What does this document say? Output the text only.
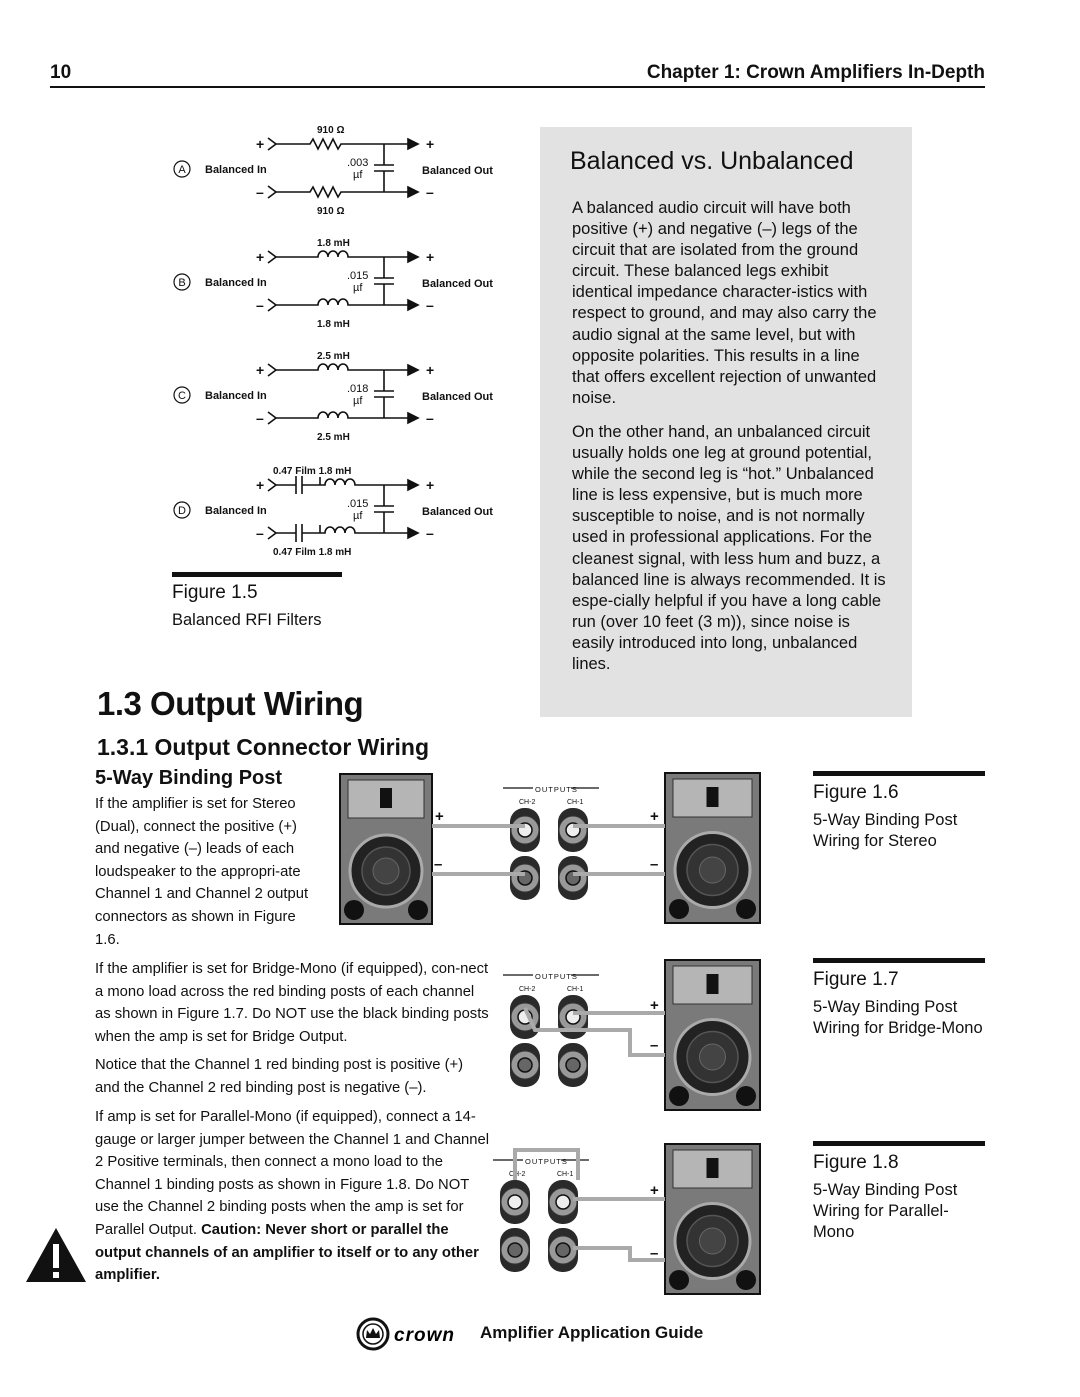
10	Chapter 1: Crown Amplifiers In-Depth
A Balanced In	Balanced Out
+
–
+
–
.003
µf
910 Ω
910 Ω
B Balanced In	Balanced Out
+
–
+
–
.015
µf
1.8 mH
1.8 mH
C Balanced In	Balanced Out
+
–
+
–
.018
µf
2.5 mH
2.5 mH
D Balanced In	Balanced Out
+
–
+
–
.015
µf
0.47 Film 1.8 mH
0.47 Film 1.8 mH
Figure 1.5
Balanced RFI Filters
Balanced vs. Unbalanced

A balanced audio circuit will have both positive (+) and negative (–) legs of the circuit that are isolated from the ground circuit. These balanced legs exhibit identical impedance character-istics with respect to ground, and may also carry the audio signal at the same level, but with opposite polarities. This results in a line that offers excellent rejection of unwanted noise.

On the other hand, an unbalanced circuit usually holds one leg at ground potential, while the second leg is “hot.” Unbalanced line is less expensive, but is much more susceptible to noise, and is not normally used in professional applications. For the cleanest signal, with less hum and buzz, a balanced line is always recommended. It is espe-cially helpful if you have a long cable run (over 10 feet (3 m)), since noise is easily introduced into long, unbalanced lines.

1.3 Output Wiring
1.3.1 Output Connector Wiring
5-Way Binding Post
If the amplifier is set for Stereo (Dual), connect the positive (+) and negative (–) leads of each loudspeaker to the appropri-ate Channel 1 and Channel 2 output connectors as shown in Figure 1.6.
If the amplifier is set for Bridge-Mono (if equipped), con-nect a mono load across the red binding posts of each channel as shown in Figure 1.7. Do NOT use the black binding posts when the amp is set for Bridge Output.
Notice that the Channel 1 red binding post is positive (+) and the Channel 2 red binding post is negative (–).
If amp is set for Parallel-Mono (if equipped), connect a 14-gauge or larger jumper between the Channel 1 and Channel 2 Positive terminals, then connect a mono load to the Channel 1 binding posts as shown in Figure 1.8. Do NOT use the Channel 2 binding posts when the amp is set for Parallel Output. Caution: Never short or parallel the output channels of an amplifier to itself or to any other amplifier.
OUTPUTS
CH-2	CH-1
+
–
+
–
OUTPUTS
CH-2	CH-1
+
–
OUTPUTS
CH-2	CH-1
+
–
Figure 1.6
5-Way Binding Post Wiring for Stereo
Figure 1.7
5-Way Binding Post Wiring for Bridge-Mono
Figure 1.8
5-Way Binding Post Wiring for Parallel-Mono
crown Amplifier Application Guide
